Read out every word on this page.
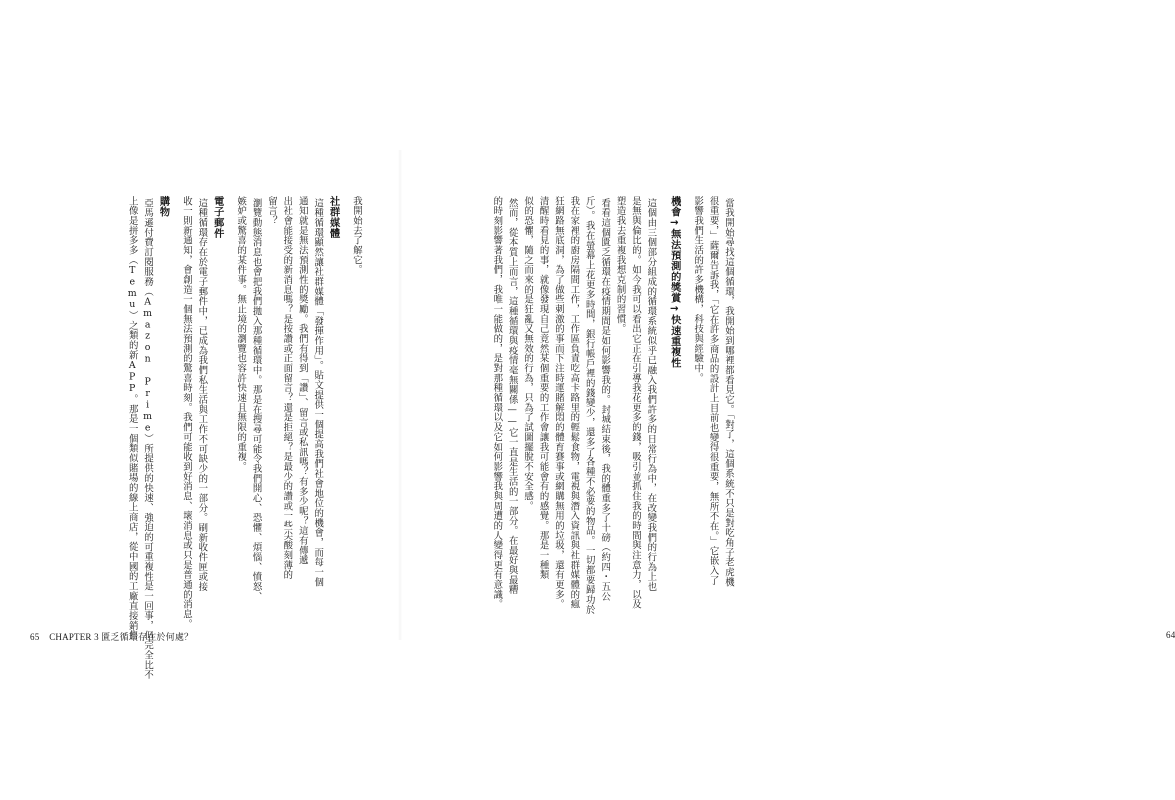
我開始去了解它。
社群媒體
這種循環顯然讓社群媒體「發揮作用」。貼文提供一個提高我們社會地位的機會，而每一個
通知就是無法預測性的獎勵。我們有得到「讚」、留言或私訊嗎？有多少呢？這有傳遞
出社會能接受的新消息嗎？是按讚或正面留言？還是拒絕？是最少的讚或一些尖酸刻薄的
留言？
瀏覽動態消息也會把我們拋入那種循環中。那是在搜尋可能令我們開心、恐懼、煩惱、憤怒、
嫉妒或驚喜的某件事。無止境的瀏覽也容許快速且無限的重複。
電子郵件
這種循環存在於電子郵件中，已成為我們私生活與工作不可缺少的一部分。刷新收件匣或接
收一則新通知，會創造一個無法預測的驚喜時刻。我們可能收到好消息、壞消息或只是普通的消息。
購物
亞馬遜付費訂閱服務（Amazon Prime）所提供的快速、強迫的可重複性是一回事，但完全比不
上像是拼多多（Temu）之類的新APP。那是一個類似賭場的線上商店，從中國的工廠直接銷售
65 CHAPTER 3 匱乏循環存在於何處？	64
當我開始尋找這個循環，我開始到哪裡都看見它。「對了，這個系統不只是對吃角子老虎機
很重要，」薩爾告訴我，「它在許多商品的設計上目前也變得很重要，無所不在。」它嵌入了
影響我們生活的許多機構，科技與經驗中。
機會→無法預測的獎賞→快速重複性
這個由三個部分組成的循環系統似乎已融入我們許多的日常行為中，在改變我們的行為上也
是無與倫比的。如今我可以看出它正在引導我花更多的錢，吸引並抓住我的時間與注意力，以及
塑造我去重複我想克制的習慣。
看看這個匱乏循環在疫情期間是如何影響我的。封城結束後，我的體重多了十磅（約四・五公
斤）。我在螢幕上花更多時間，銀行帳戶裡的錢變少，還多了各種不必要的物品。一切都要歸功於
我在家裡的廚房隔間工作，工作區負責吃高卡路里的輕鬆食物，電視與潛入資訊與社群媒體的瘋
狂網路無底洞，為了做些刺激的事而下注時運賭解悶的體育賽事或網購無用的垃圾，還有更多。
清醒時看見的事，就像發現自己竟然某個重要的工作會讓我可能會有的感覺。那是一種類
似的恐懼，隨之而來的是狂亂又無效的行為，只為了試圖擺脫不安全感。
然而，從本質上而言，這種循環與疫情毫無關係——它一直是生活的一部分。在最好與最糟
的時刻影響著我們，我唯一能做的，是對那種循環以及它如何影響我與周遭的人變得更有意識。
